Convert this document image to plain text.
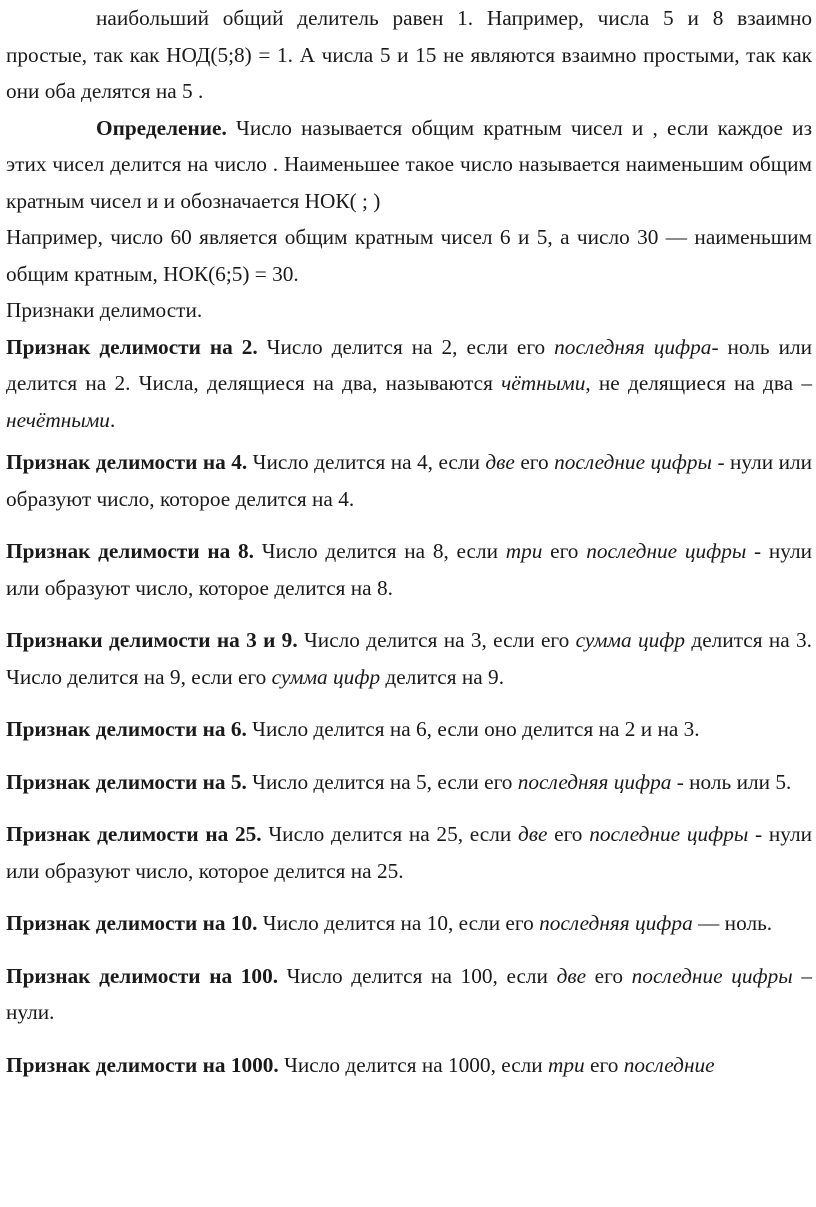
наибольший общий делитель равен 1. Например, числа 5 и 8 взаимно простые, так как НОД(5;8) = 1. А числа 5 и 15 не являются взаимно простыми, так как они оба делятся на 5 .

Определение. Число называется общим кратным чисел и , если каждое из этих чисел делится на число . Наименьшее такое число называется наименьшим общим кратным чисел и и обозначается НОК( ; )

Например, число 60 является общим кратным чисел 6 и 5, а число 30 — наименьшим общим кратным, НОК(6;5) = 30.

Признаки делимости.

Признак делимости на 2. Число делится на 2, если его последняя цифра- ноль или делится на 2. Числа, делящиеся на два, называются чётными, не делящиеся на два – нечётными.

Признак делимости на 4. Число делится на 4, если две его последние цифры - нули или образуют число, которое делится на 4.

Признак делимости на 8. Число делится на 8, если три его последние цифры - нули или образуют число, которое делится на 8.

Признаки делимости на 3 и 9. Число делится на 3, если его сумма цифр делится на 3. Число делится на 9, если его сумма цифр делится на 9.

Признак делимости на 6. Число делится на 6, если оно делится на 2 и на 3.

Признак делимости на 5. Число делится на 5, если его последняя цифра - ноль или 5.

Признак делимости на 25. Число делится на 25, если две его последние цифры - нули или образуют число, которое делится на 25.

Признак делимости на 10. Число делится на 10, если его последняя цифра — ноль.

Признак делимости на 100. Число делится на 100, если две его последние цифры – нули.

Признак делимости на 1000. Число делится на 1000, если три его последние
